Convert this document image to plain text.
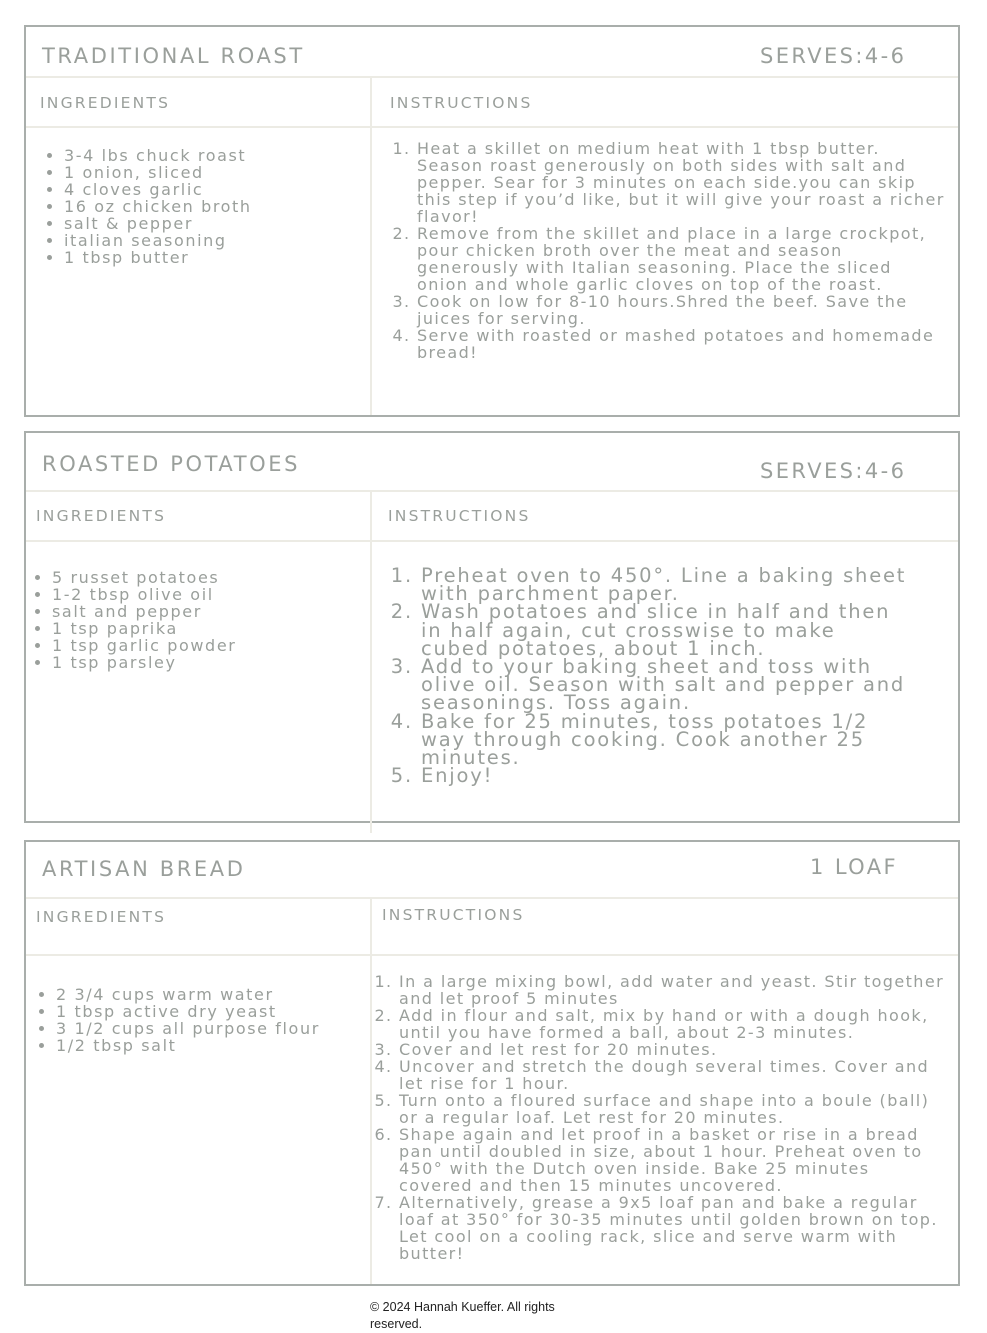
TRADITIONAL ROAST	SERVES:4-6
INGREDIENTS	INSTRUCTIONS
• 3-4 lbs chuck roast
• 1 onion, sliced
• 4 cloves garlic
• 16 oz chicken broth
• salt & pepper
• italian seasoning
• 1 tbsp butter
1. Heat a skillet on medium heat with 1 tbsp butter. Season roast generously on both sides with salt and pepper. Sear for 3 minutes on each side.you can skip this step if you’d like, but it will give your roast a richer flavor!
2. Remove from the skillet and place in a large crockpot, pour chicken broth over the meat and season generously with Italian seasoning. Place the sliced onion and whole garlic cloves on top of the roast.
3. Cook on low for 8-10 hours.Shred the beef. Save the juices for serving.
4. Serve with roasted or mashed potatoes and homemade bread!
ROASTED POTATOES	SERVES:4-6
INGREDIENTS	INSTRUCTIONS
• 5 russet potatoes
• 1-2 tbsp olive oil
• salt and pepper
• 1 tsp paprika
• 1 tsp garlic powder
• 1 tsp parsley
1. Preheat oven to 450°. Line a baking sheet with parchment paper.
2. Wash potatoes and slice in half and then in half again, cut crosswise to make cubed potatoes, about 1 inch.
3. Add to your baking sheet and toss with olive oil. Season with salt and pepper and seasonings. Toss again.
4. Bake for 25 minutes, toss potatoes 1/2 way through cooking. Cook another 25 minutes.
5. Enjoy!
ARTISAN BREAD	1 LOAF
INGREDIENTS	INSTRUCTIONS
• 2 3/4 cups warm water
• 1 tbsp active dry yeast
• 3 1/2 cups all purpose flour
• 1/2 tbsp salt
1. In a large mixing bowl, add water and yeast. Stir together and let proof 5 minutes
2. Add in flour and salt, mix by hand or with a dough hook, until you have formed a ball, about 2-3 minutes.
3. Cover and let rest for 20 minutes.
4. Uncover and stretch the dough several times. Cover and let rise for 1 hour.
5. Turn onto a floured surface and shape into a boule (ball) or a regular loaf. Let rest for 20 minutes.
6. Shape again and let proof in a basket or rise in a bread pan until doubled in size, about 1 hour. Preheat oven to 450° with the Dutch oven inside. Bake 25 minutes covered and then 15 minutes uncovered.
7. Alternatively, grease a 9x5 loaf pan and bake a regular loaf at 350° for 30-35 minutes until golden brown on top. Let cool on a cooling rack, slice and serve warm with butter!
© 2024 Hannah Kueffer. All rights reserved.
